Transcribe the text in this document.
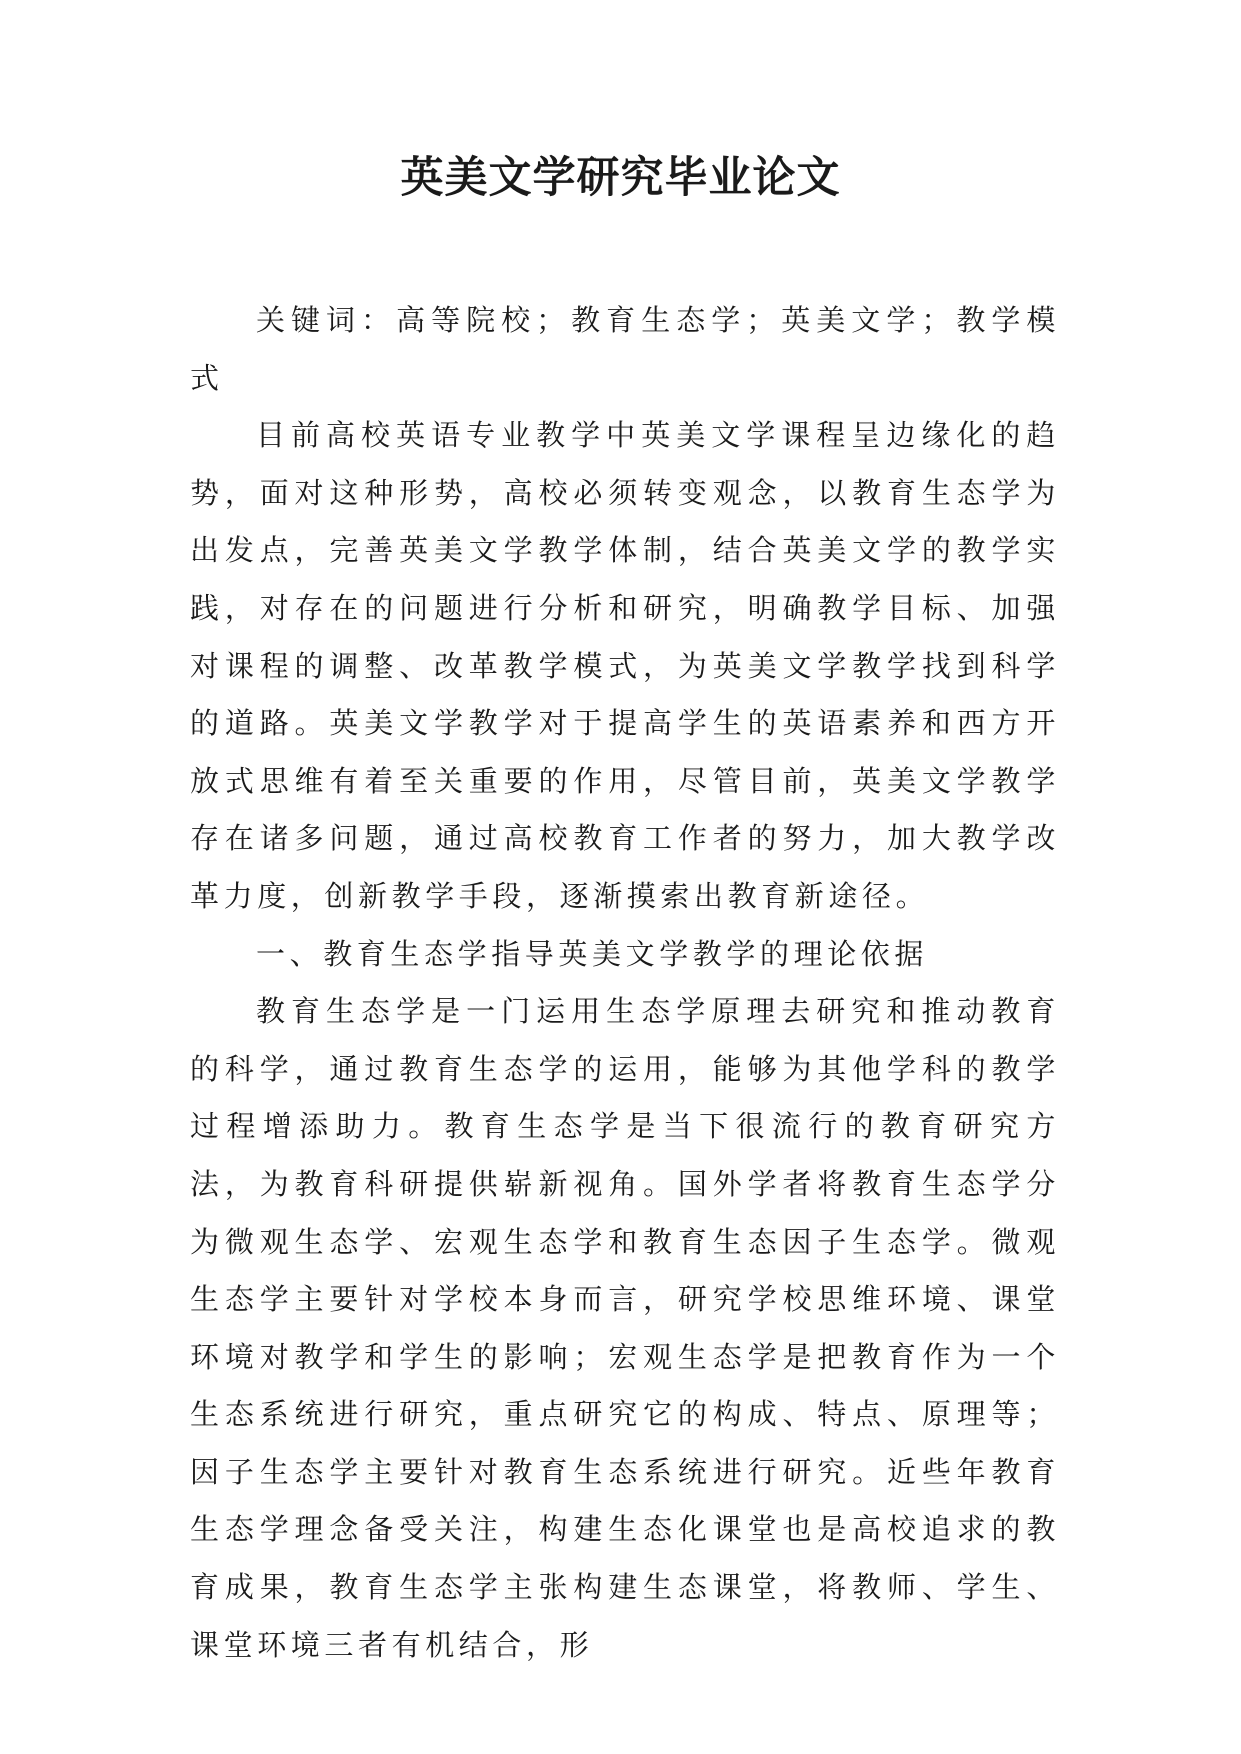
英美文学研究毕业论文

关键词：高等院校；教育生态学；英美文学；教学模式

目前高校英语专业教学中英美文学课程呈边缘化的趋势，面对这种形势，高校必须转变观念，以教育生态学为出发点，完善英美文学教学体制，结合英美文学的教学实践，对存在的问题进行分析和研究，明确教学目标、加强对课程的调整、改革教学模式，为英美文学教学找到科学的道路。英美文学教学对于提高学生的英语素养和西方开放式思维有着至关重要的作用，尽管目前，英美文学教学存在诸多问题，通过高校教育工作者的努力，加大教学改革力度，创新教学手段，逐渐摸索出教育新途径。

一、教育生态学指导英美文学教学的理论依据

教育生态学是一门运用生态学原理去研究和推动教育的科学，通过教育生态学的运用，能够为其他学科的教学过程增添助力。教育生态学是当下很流行的教育研究方法，为教育科研提供崭新视角。国外学者将教育生态学分为微观生态学、宏观生态学和教育生态因子生态学。微观生态学主要针对学校本身而言，研究学校思维环境、课堂环境对教学和学生的影响；宏观生态学是把教育作为一个生态系统进行研究，重点研究它的构成、特点、原理等；因子生态学主要针对教育生态系统进行研究。近些年教育生态学理念备受关注，构建生态化课堂也是高校追求的教育成果，教育生态学主张构建生态课堂，将教师、学生、课堂环境三者有机结合，形
